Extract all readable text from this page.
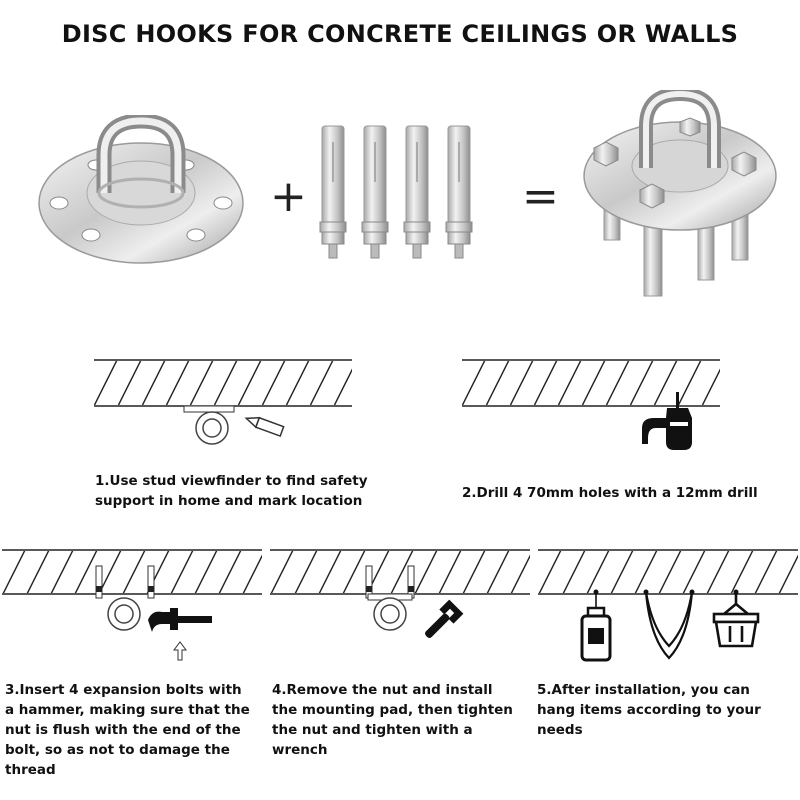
DISC HOOKS FOR CONCRETE CEILINGS OR WALLS
+	=
1.Use stud viewfinder to find safety support in home and mark location	2.Drill 4 70mm holes with a 12mm drill
3.Insert 4 expansion bolts with a hammer, making sure that the nut is flush with the end of the bolt, so as not to damage the thread
4.Remove the nut and install the mounting pad, then tighten the nut and tighten with a wrench
5.After installation, you can hang items according to your needs
